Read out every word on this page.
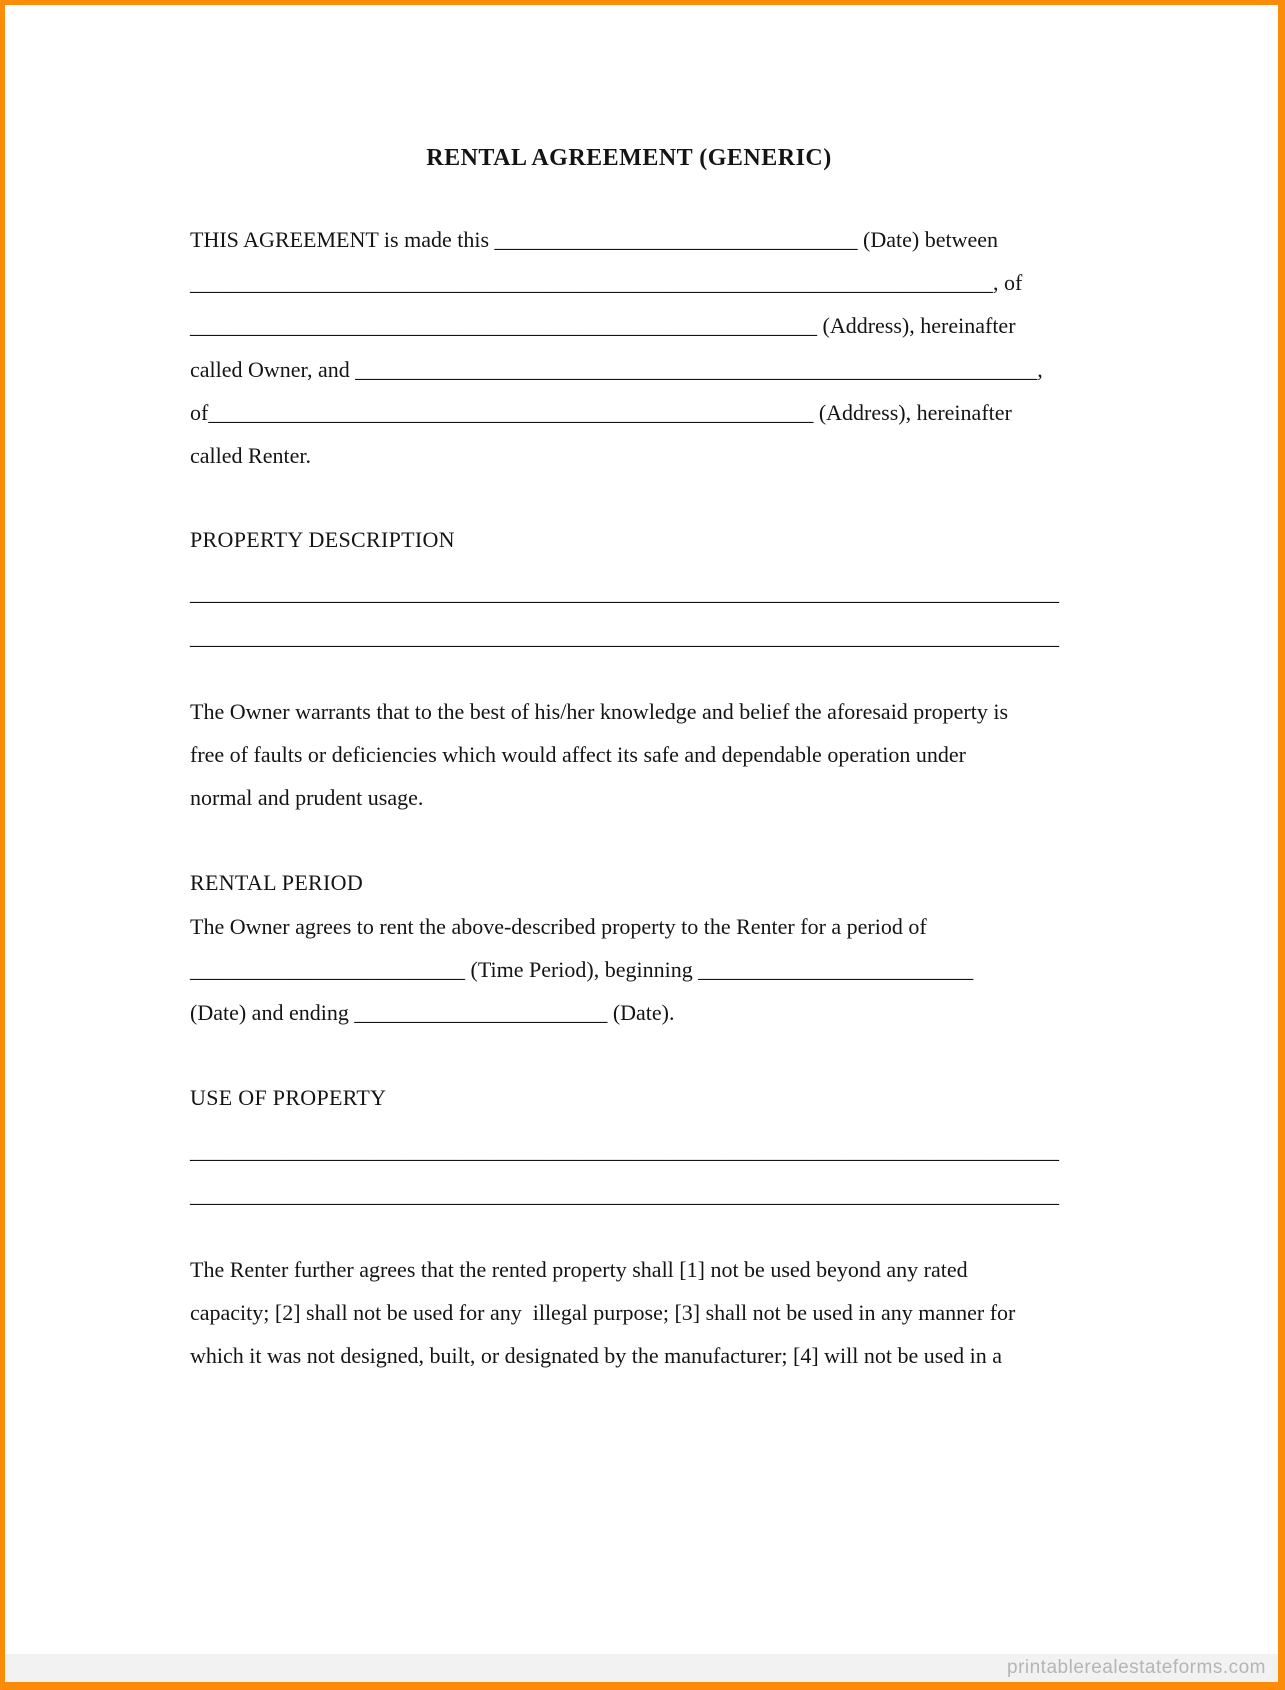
RENTAL AGREEMENT (GENERIC)
THIS AGREEMENT is made this _________________________________ (Date) between
_________________________________________________________________________, of
_________________________________________________________ (Address), hereinafter
called Owner, and ______________________________________________________________,
of_______________________________________________________ (Address), hereinafter
called Renter.
PROPERTY DESCRIPTION
_______________________________________________________________________________
_______________________________________________________________________________
The Owner warrants that to the best of his/her knowledge and belief the aforesaid property is
free of faults or deficiencies which would affect its safe and dependable operation under
normal and prudent usage.
RENTAL PERIOD
The Owner agrees to rent the above-described property to the Renter for a period of
_________________________ (Time Period), beginning _________________________
(Date) and ending _______________________ (Date).
USE OF PROPERTY
_______________________________________________________________________________
_______________________________________________________________________________
The Renter further agrees that the rented property shall [1] not be used beyond any rated
capacity; [2] shall not be used for any  illegal purpose; [3] shall not be used in any manner for
which it was not designed, built, or designated by the manufacturer; [4] will not be used in a
printablerealestateforms.com
